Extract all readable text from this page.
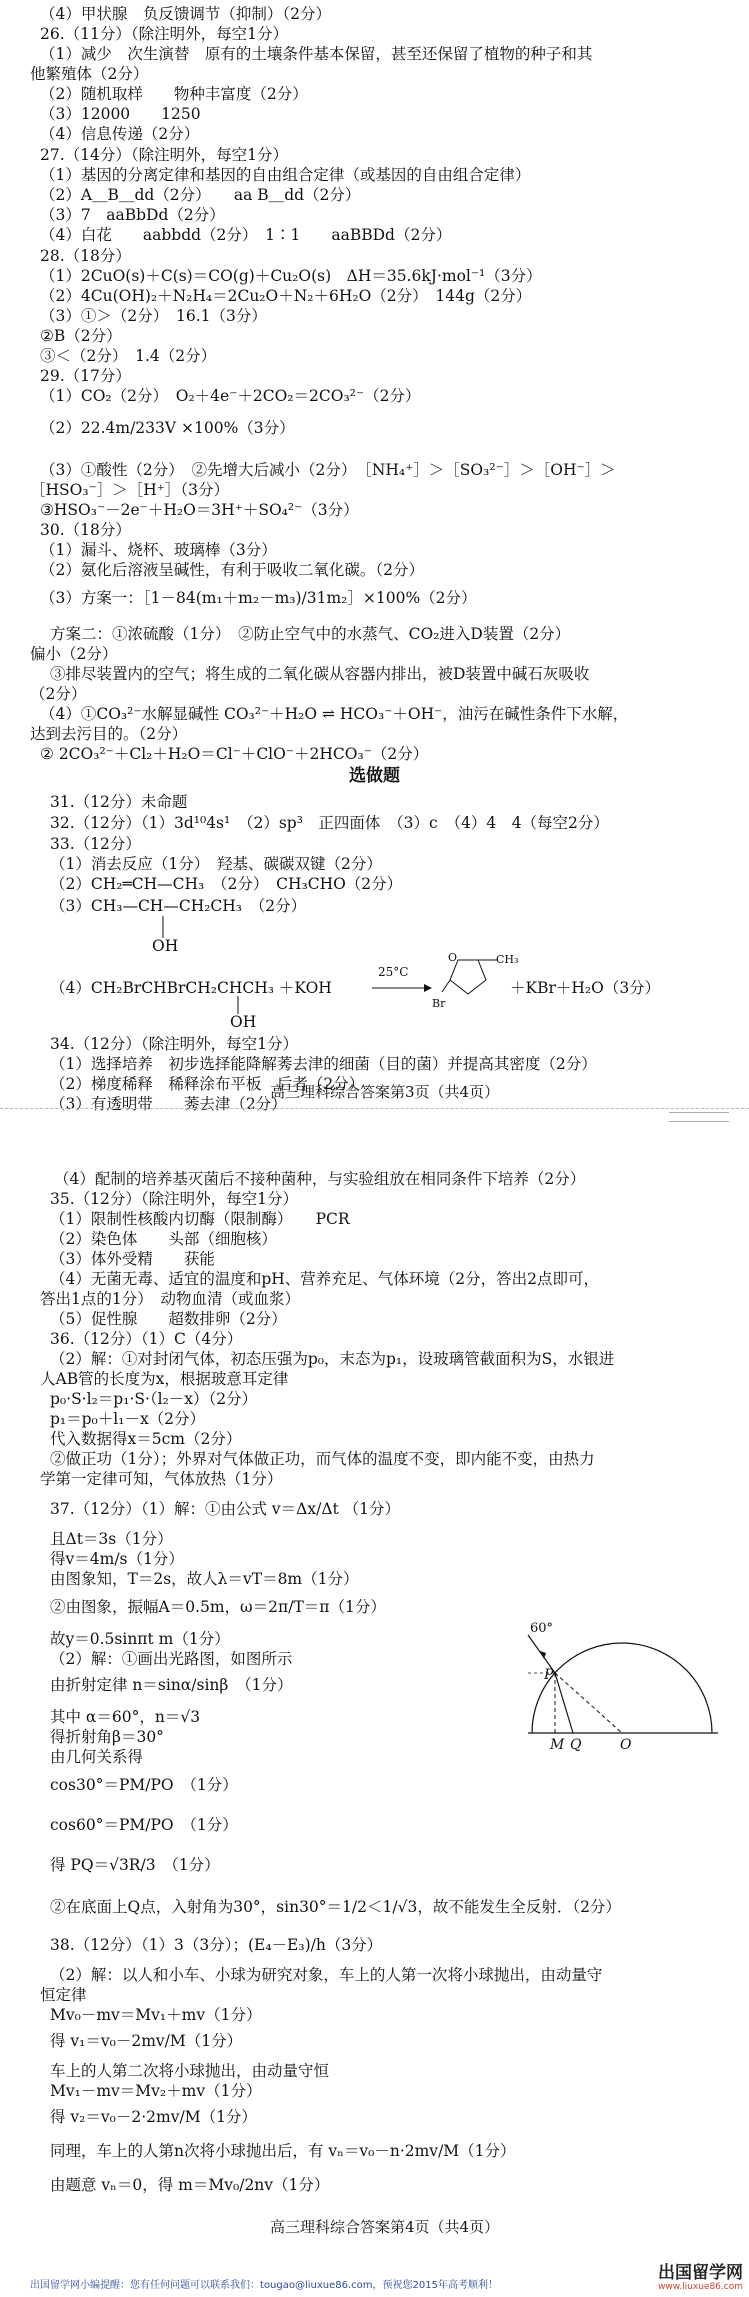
（4）甲状腺　负反馈调节（抑制）（2分）
26.（11分）（除注明外，每空1分）
（1）减少　次生演替　原有的土壤条件基本保留，甚至还保留了植物的种子和其
他繁殖体（2分）
（2）随机取样　　物种丰富度（2分）
（3）12000　　1250
（4）信息传递（2分）
27.（14分）（除注明外，每空1分）
（1）基因的分离定律和基因的自由组合定律（或基因的自由组合定律）
（2）A＿B＿dd（2分）　　aa B＿dd（2分）
（3）7　aaBbDd（2分）
（4）白花　　aabbdd（2分）　1∶1　　aaBBDd（2分）
28.（18分）
（1）2CuO(s)＋C(s)＝CO(g)＋Cu₂O(s)　ΔH＝35.6kJ·mol⁻¹（3分）
（2）4Cu(OH)₂＋N₂H₄＝2Cu₂O＋N₂＋6H₂O（2分）　144g（2分）
（3）①＞（2分）　16.1（3分）
②B（2分）
③＜（2分）　1.4（2分）
29.（17分）
（1）CO₂（2分）　O₂＋4e⁻＋2CO₂＝2CO₃²⁻（2分）
（2）22.4m/233V ×100%（3分）
（3）①酸性（2分）　②先增大后减小（2分）　［NH₄⁺］＞［SO₃²⁻］＞［OH⁻］＞
［HSO₃⁻］＞［H⁺］（3分）
③HSO₃⁻－2e⁻＋H₂O＝3H⁺＋SO₄²⁻（3分）
30.（18分）
（1）漏斗、烧杯、玻璃棒（3分）
（2）氨化后溶液呈碱性，有利于吸收二氧化碳。（2分）
（3）方案一：［1－84(m₁＋m₂－m₃)/31m₂］×100%（2分）
方案二：①浓硫酸（1分）　②防止空气中的水蒸气、CO₂进入D装置（2分）
偏小（2分）
③排尽装置内的空气；将生成的二氧化碳从容器内排出，被D装置中碱石灰吸收
（2分）
（4）①CO₃²⁻水解显碱性 CO₃²⁻＋H₂O ⇌ HCO₃⁻＋OH⁻，油污在碱性条件下水解，
达到去污目的。（2分）
② 2CO₃²⁻＋Cl₂＋H₂O＝Cl⁻＋ClO⁻＋2HCO₃⁻（2分）
选做题
31.（12分）未命题
32.（12分）（1）3d¹⁰4s¹　（2）sp³　正四面体　（3）c　（4）4　4（每空2分）
33.（12分）
（1）消去反应（1分）　羟基、碳碳双键（2分）
（2）CH₂═CH—CH₃　（2分）　CH₃CHO（2分）
（3）CH₃—CH—CH₂CH₃　（2分）
OH
（4）CH₂BrCHBrCH₂CHCH₃ ＋KOH
25°C
O	CH₃
Br
＋KBr＋H₂O（3分）
OH
34.（12分）（除注明外，每空1分）
（1）选择培养　初步选择能降解莠去津的细菌（目的菌）并提高其密度（2分）
（2）梯度稀释　稀释涂布平板　后者（2分）
（3）有透明带　　莠去津（2分）
高三理科综合答案第3页（共4页）
（4）配制的培养基灭菌后不接种菌种，与实验组放在相同条件下培养（2分）
35.（12分）（除注明外，每空1分）
（1）限制性核酸内切酶（限制酶）　　PCR
（2）染色体　　头部（细胞核）
（3）体外受精　　获能
（4）无菌无毒、适宜的温度和pH、营养充足、气体环境（2分，答出2点即可，
答出1点的1分）　动物血清（或血浆）
（5）促性腺　　超数排卵（2分）
36.（12分）（1）C（4分）
（2）解：①对封闭气体，初态压强为p₀，末态为p₁，设玻璃管截面积为S，水银进
人AB管的长度为x，根据玻意耳定律
p₀·S·l₂＝p₁·S·（l₂－x）（2分）
p₁＝p₀＋l₁－x（2分）
代入数据得x＝5cm（2分）
②做正功（1分）；外界对气体做正功，而气体的温度不变，即内能不变，由热力
学第一定律可知，气体放热（1分）
37.（12分）（1）解：①由公式 v＝Δx/Δt （1分）
且Δt＝3s（1分）
得v＝4m/s（1分）
由图象知，T＝2s，故人λ＝vT＝8m（1分）
②由图象，振幅A＝0.5m，ω＝2π/T＝π（1分）
故y＝0.5sinπt m（1分）
（2）解：①画出光路图，如图所示
由折射定律 n＝sinα/sinβ　（1分）
其中 α＝60°，n＝√3
得折射角β＝30°
由几何关系得
cos30°＝PM/PO　（1分）
cos60°＝PM/PO　（1分）
得 PQ＝√3R/3　（1分）
②在底面上Q点，入射角为30°，sin30°＝1/2＜1/√3，故不能发生全反射．（2分）
60°
P
M Q	O
38.（12分）（1）3（3分）；(E₄－E₃)/h（3分）
（2）解：以人和小车、小球为研究对象，车上的人第一次将小球抛出，由动量守
恒定律
Mv₀－mv＝Mv₁＋mv（1分）
得 v₁＝v₀－2mv/M（1分）
车上的人第二次将小球抛出，由动量守恒
Mv₁－mv＝Mv₂＋mv（1分）
得 v₂＝v₀－2·2mv/M（1分）
同理，车上的人第n次将小球抛出后，有 vₙ＝v₀－n·2mv/M（1分）
由题意 vₙ＝0，得 m＝Mv₀/2nv（1分）
高三理科综合答案第4页（共4页）
出国留学网小编提醒：您有任何问题可以联系我们：tougao@liuxue86.com，预祝您2015年高考顺利！
出国留学网
www.liuxue86.com
